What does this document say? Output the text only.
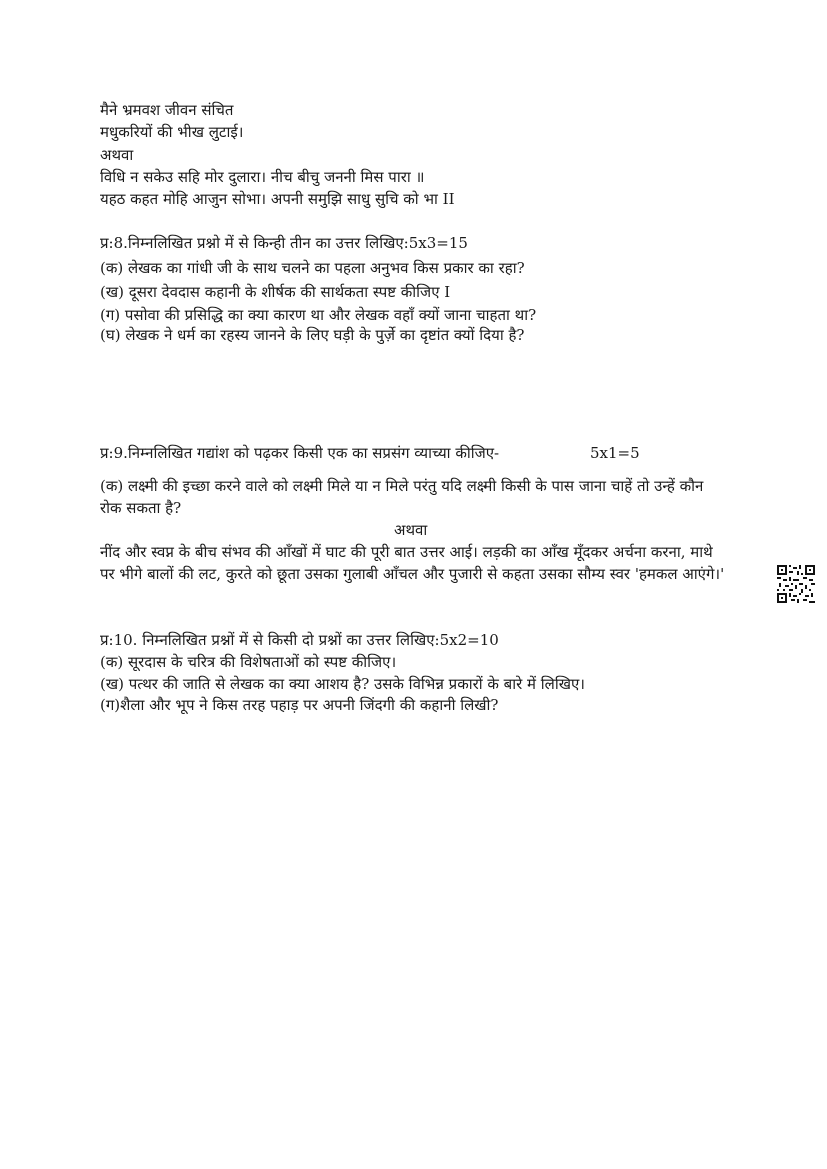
मैने भ्रमवश जीवन संचित
मधुकरियों की भीख लुटाई।
अथवा
विधि न सकेउ सहि मोर दुलारा। नीच बीचु जननी मिस पारा ॥
यहठ कहत मोहि आजुन सोभा। अपनी समुझि साधु सुचि को भा II
प्र:8.निम्नलिखित प्रश्नो में से किन्ही तीन का उत्तर लिखिए:5x3=15
(क) लेखक का गांधी जी के साथ चलने का पहला अनुभव किस प्रकार का रहा?
(ख) दूसरा देवदास कहानी के शीर्षक की सार्थकता स्पष्ट कीजिए I
(ग) पसोवा की प्रसिद्धि का क्या कारण था और लेखक वहाँ क्यों जाना चाहता था?
(घ) लेखक ने धर्म का रहस्य जानने के लिए घड़ी के पुर्ज़े का दृष्टांत क्यों दिया है?
प्र:9.निम्नलिखित गद्यांश को पढ़कर किसी एक का सप्रसंग व्याच्या कीजिए-	5x1=5
(क) लक्ष्मी की इच्छा करने वाले को लक्ष्मी मिले या न मिले परंतु यदि लक्ष्मी किसी के पास जाना चाहें तो उन्हें कौन रोक सकता है?
अथवा
नींद और स्वप्न के बीच संभव की आँखों में घाट की पूरी बात उत्तर आई। लड़की का आँख मूँदकर अर्चना करना, माथे पर भीगे बालों की लट, कुरते को छूता उसका गुलाबी आँचल और पुजारी से कहता उसका सौम्य स्वर 'हमकल आएंगे।'
प्र:10. निम्नलिखित प्रश्नों में से किसी दो प्रश्नों का उत्तर लिखिए:5x2=10
(क) सूरदास के चरित्र की विशेषताओं को स्पष्ट कीजिए।
(ख) पत्थर की जाति से लेखक का क्या आशय है? उसके विभिन्न प्रकारों के बारे में लिखिए।
(ग)शैला और भूप ने किस तरह पहाड़ पर अपनी जिंदगी की कहानी लिखी?
